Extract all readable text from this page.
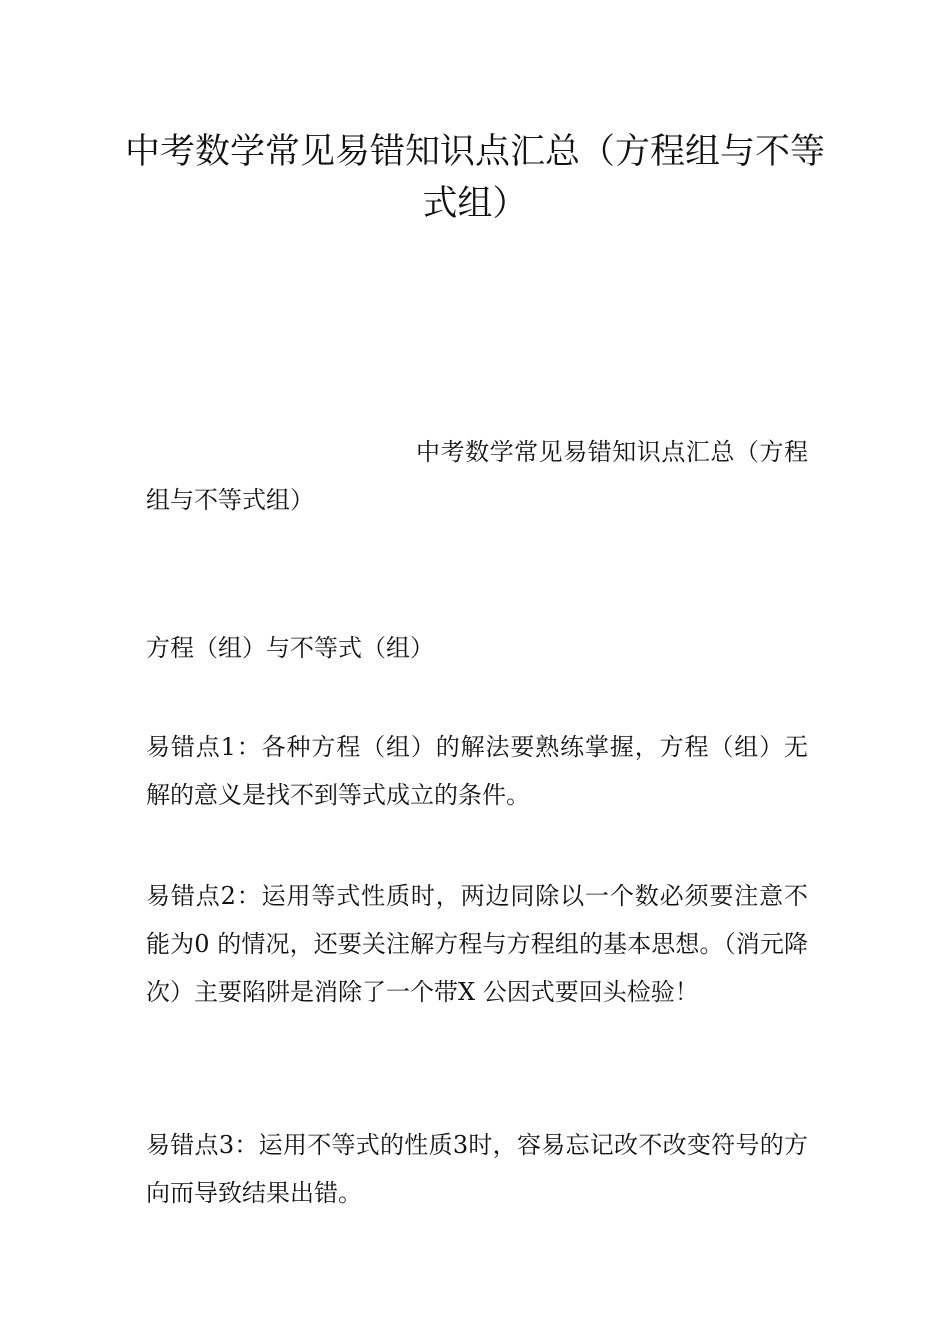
中考数学常见易错知识点汇总（方程组与不等式组）

中考数学常见易错知识点汇总（方程组与不等式组）

方程（组）与不等式（组）

易错点1：各种方程（组）的解法要熟练掌握，方程（组）无解的意义是找不到等式成立的条件。

易错点2：运用等式性质时，两边同除以一个数必须要注意不能为0 的情况，还要关注解方程与方程组的基本思想。（消元降次）主要陷阱是消除了一个带X 公因式要回头检验！

易错点3：运用不等式的性质3时，容易忘记改不改变符号的方向而导致结果出错。
